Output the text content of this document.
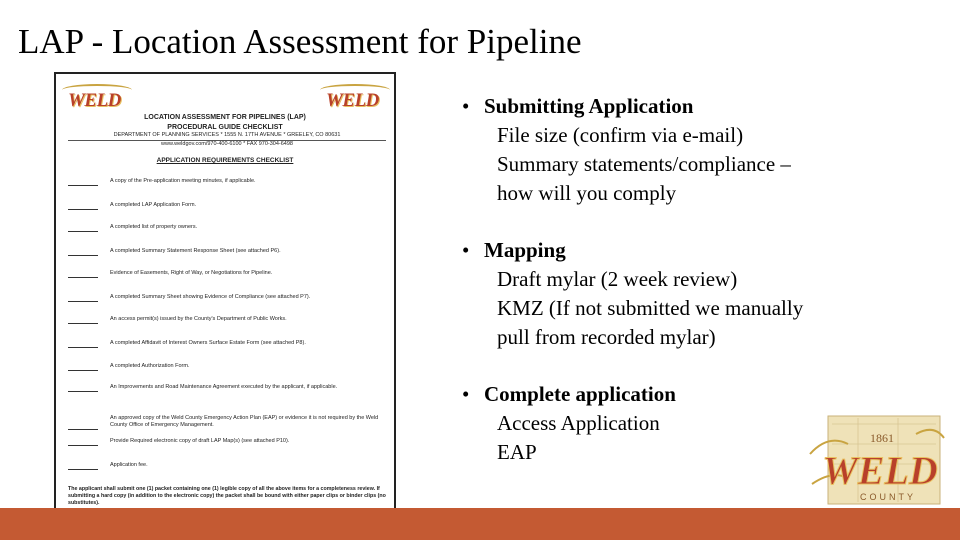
LAP - Location Assessment for Pipeline
WELD	WELD
LOCATION ASSESSMENT FOR PIPELINES (LAP)
PROCEDURAL GUIDE CHECKLIST
DEPARTMENT OF PLANNING SERVICES * 1555 N. 17TH AVENUE * GREELEY, CO 80631
www.weldgov.com/970-400-6100 * FAX 970-304-6498
APPLICATION REQUIREMENTS CHECKLIST
A copy of the Pre-application meeting minutes, if applicable.
A completed LAP Application Form.
A completed list of property owners.
A completed Summary Statement Response Sheet (see attached P6).
Evidence of Easements, Right of Way, or Negotiations for Pipeline.
A completed Summary Sheet showing Evidence of Compliance (see attached P7).
An access permit(s) issued by the County's Department of Public Works.
A completed Affidavit of Interest Owners Surface Estate Form (see attached P8).
A completed Authorization Form.
An Improvements and Road Maintenance Agreement executed by the applicant, if applicable.
An approved copy of the Weld County Emergency Action Plan (EAP) or evidence it is not required by the Weld County Office of Emergency Management.
Provide Required electronic copy of draft LAP Map(s) (see attached P10).
Application fee.
The applicant shall submit one (1) packet containing one (1) legible copy of all the above items for a completeness review. If submitting a hard copy (in addition to the electronic copy) the packet shall be bound with either paper clips or binder clips (no substitutes).
• Submitting Application
File size (confirm via e-mail)
Summary statements/compliance –
how will you comply
• Mapping
Draft mylar (2 week review)
KMZ (If not submitted we manually
pull from recorded mylar)
• Complete application
Access Application
EAP
1861
WELD
COUNTY
